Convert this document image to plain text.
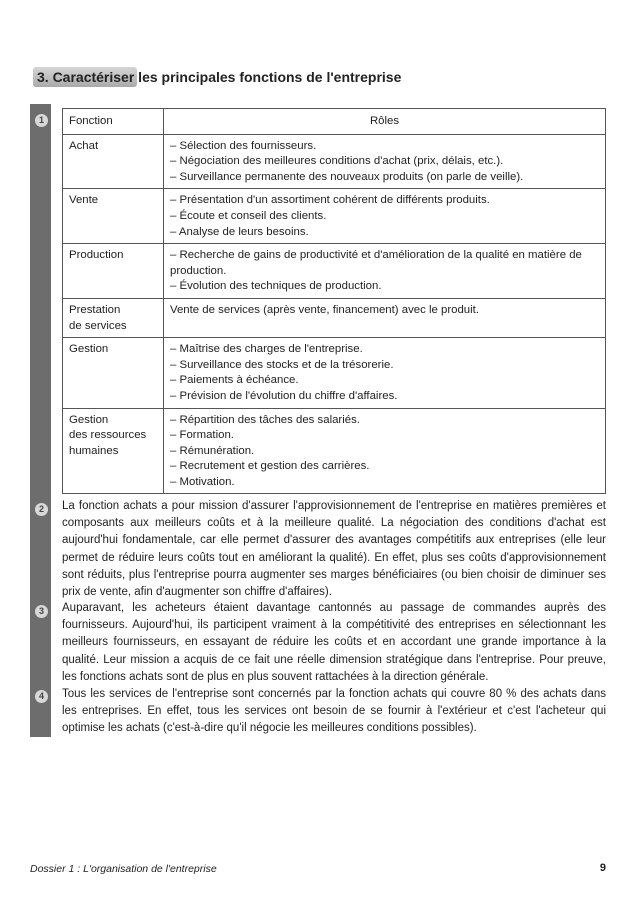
3. Caractériser les principales fonctions de l'entreprise
1
2
3
4
Fonction	Rôles

Achat	– Sélection des fournisseurs.
– Négociation des meilleures conditions d'achat (prix, délais, etc.).
– Surveillance permanente des nouveaux produits (on parle de veille).

Vente	– Présentation d'un assortiment cohérent de différents produits.
– Écoute et conseil des clients.
– Analyse de leurs besoins.

Production	– Recherche de gains de productivité et d'amélioration de la qualité en matière de production.
– Évolution des techniques de production.

Prestation
de services	Vente de services (après vente, financement) avec le produit.

Gestion	– Maîtrise des charges de l'entreprise.
– Surveillance des stocks et de la trésorerie.
– Paiements à échéance.
– Prévision de l'évolution du chiffre d'affaires.

Gestion
des ressources
humaines	– Répartition des tâches des salariés.
– Formation.
– Rémunération.
– Recrutement et gestion des carrières.
– Motivation.

La fonction achats a pour mission d'assurer l'approvisionnement de l'entreprise en matières premières et composants aux meilleurs coûts et à la meilleure qualité. La négociation des conditions d'achat est aujourd'hui fondamentale, car elle permet d'assurer des avantages compétitifs aux entreprises (elle leur permet de réduire leurs coûts tout en améliorant la qualité). En effet, plus ses coûts d'approvisionnement sont réduits, plus l'entreprise pourra augmenter ses marges bénéficiaires (ou bien choisir de diminuer ses prix de vente, afin d'augmenter son chiffre d'affaires).

Auparavant, les acheteurs étaient davantage cantonnés au passage de commandes auprès des fournisseurs. Aujourd'hui, ils participent vraiment à la compétitivité des entreprises en sélectionnant les meilleurs fournisseurs, en essayant de réduire les coûts et en accordant une grande importance à la qualité. Leur mission a acquis de ce fait une réelle dimension stratégique dans l'entreprise. Pour preuve, les fonctions achats sont de plus en plus souvent rattachées à la direction générale.

Tous les services de l'entreprise sont concernés par la fonction achats qui couvre 80 % des achats dans les entreprises. En effet, tous les services ont besoin de se fournir à l'extérieur et c'est l'acheteur qui optimise les achats (c'est-à-dire qu'il négocie les meilleures conditions possibles).

Dossier 1 : L'organisation de l'entreprise	9
